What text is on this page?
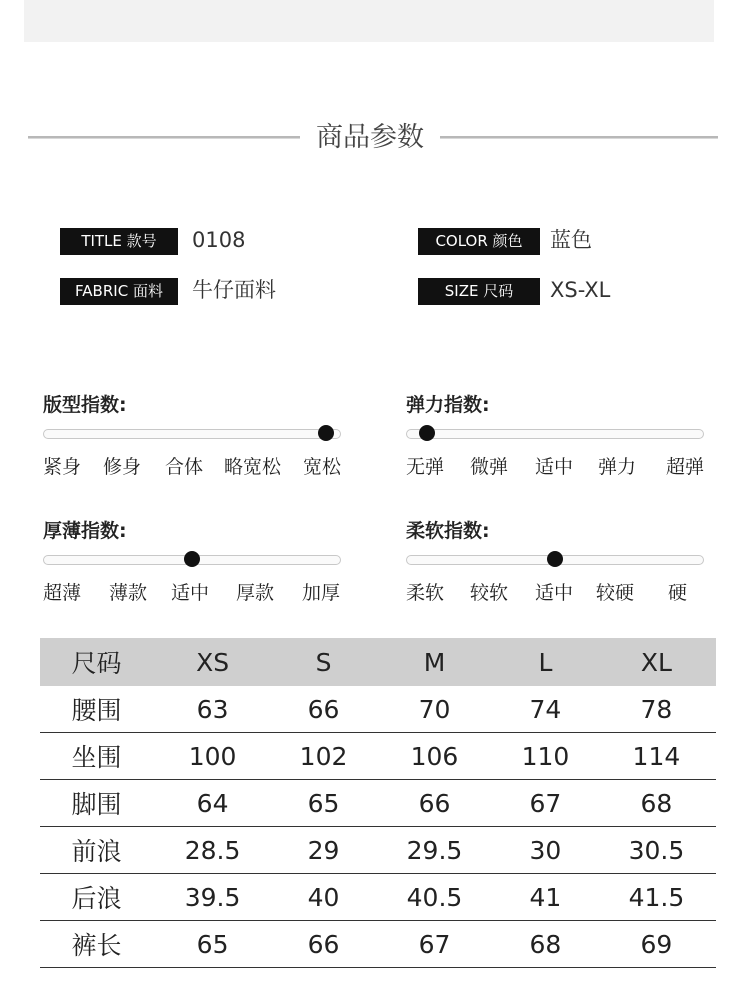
商品参数
TITLE 款号	0108	COLOR 颜色	蓝色
FABRIC 面料	牛仔面料	SIZE 尺码	XS-XL
版型指数:
紧身 修身 合体 略宽松 宽松
弹力指数:
无弹 微弹 适中 弹力 超弹
厚薄指数:
超薄 薄款 适中 厚款 加厚
柔软指数:
柔软 较软 适中 较硬 硬
尺码	XS	S	M	L	XL
腰围	63	66	70	74	78
坐围	100	102	106	110	114
脚围	64	65	66	67	68
前浪	28.5	29	29.5	30	30.5
后浪	39.5	40	40.5	41	41.5
裤长	65	66	67	68	69
